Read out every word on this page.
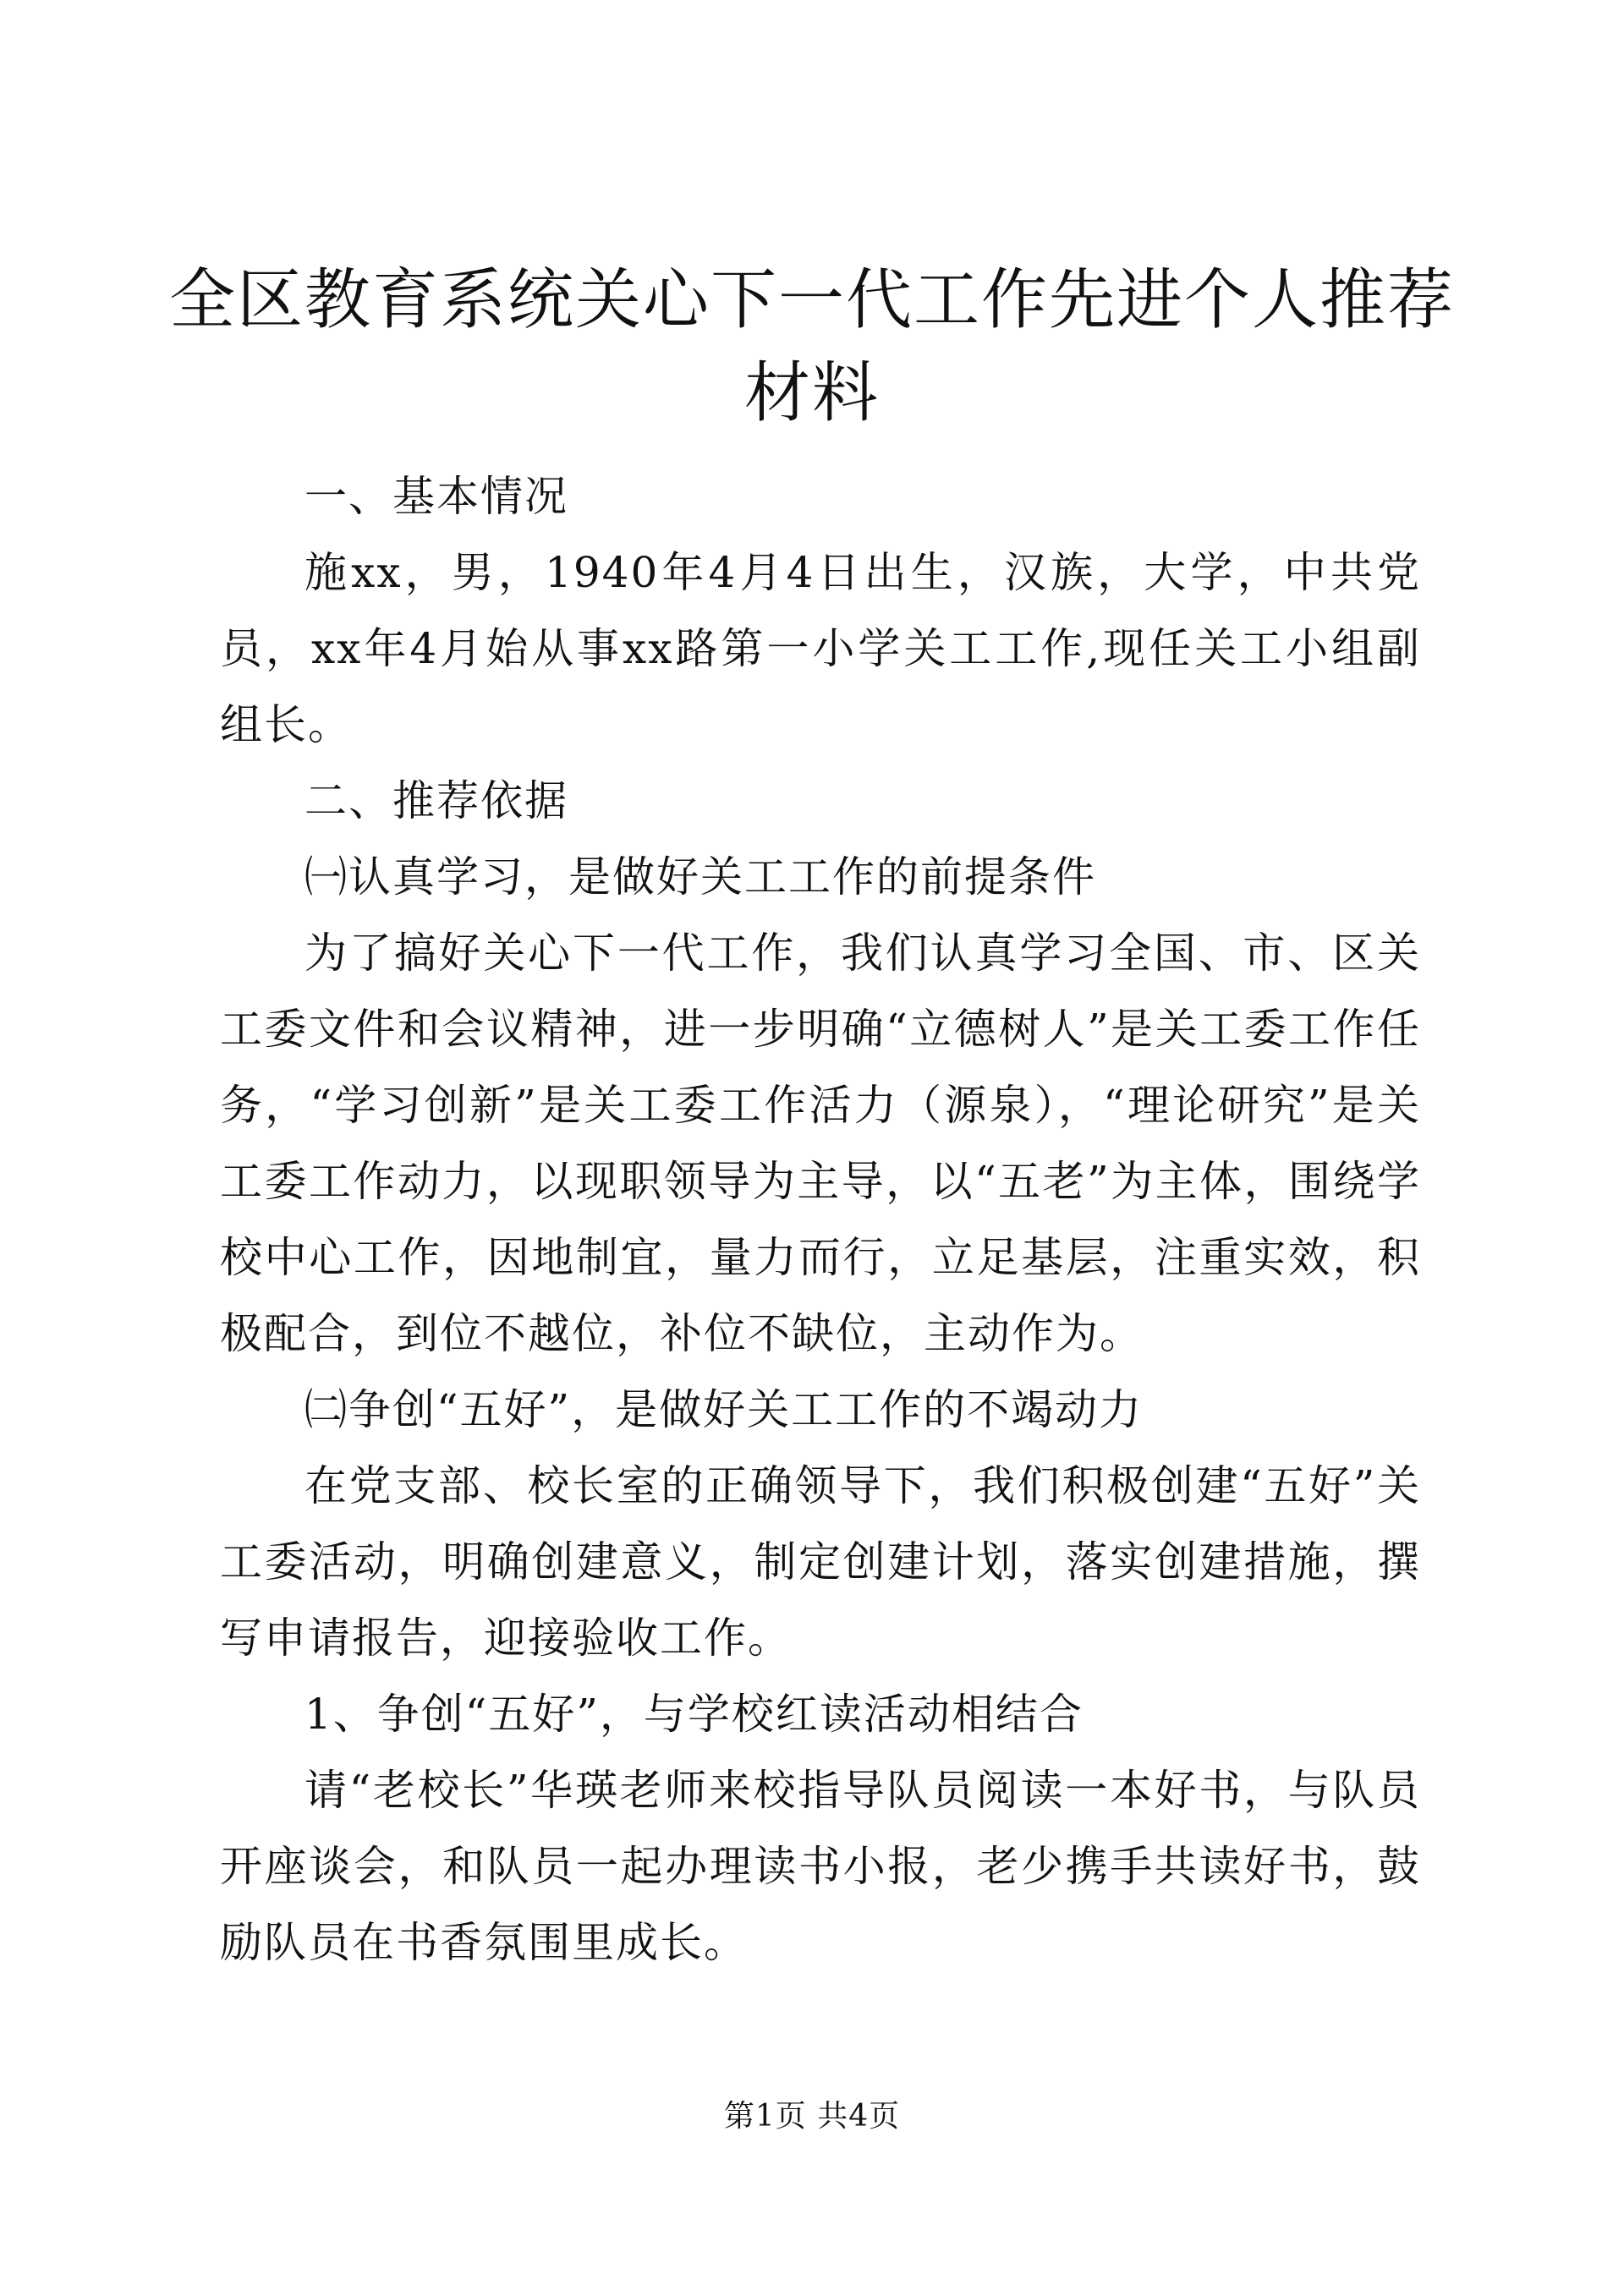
全区教育系统关心下一代工作先进个人推荐材料

一、基本情况

施xx，男，1940年4月4日出生，汉族，大学，中共党员，xx年4月始从事xx路第一小学关工工作,现任关工小组副组长。

二、推荐依据

㈠认真学习，是做好关工工作的前提条件

为了搞好关心下一代工作，我们认真学习全国、市、区关工委文件和会议精神，进一步明确“立德树人”是关工委工作任务，“学习创新”是关工委工作活力（源泉），“理论研究”是关工委工作动力，以现职领导为主导，以“五老”为主体，围绕学校中心工作，因地制宜，量力而行，立足基层，注重实效，积极配合，到位不越位，补位不缺位，主动作为。

㈡争创“五好”，是做好关工工作的不竭动力

在党支部、校长室的正确领导下，我们积极创建“五好”关工委活动，明确创建意义，制定创建计划，落实创建措施，撰写申请报告，迎接验收工作。

1、争创“五好”，与学校红读活动相结合

请“老校长”华瑛老师来校指导队员阅读一本好书，与队员开座谈会，和队员一起办理读书小报，老少携手共读好书，鼓励队员在书香氛围里成长。

第1页 共4页
